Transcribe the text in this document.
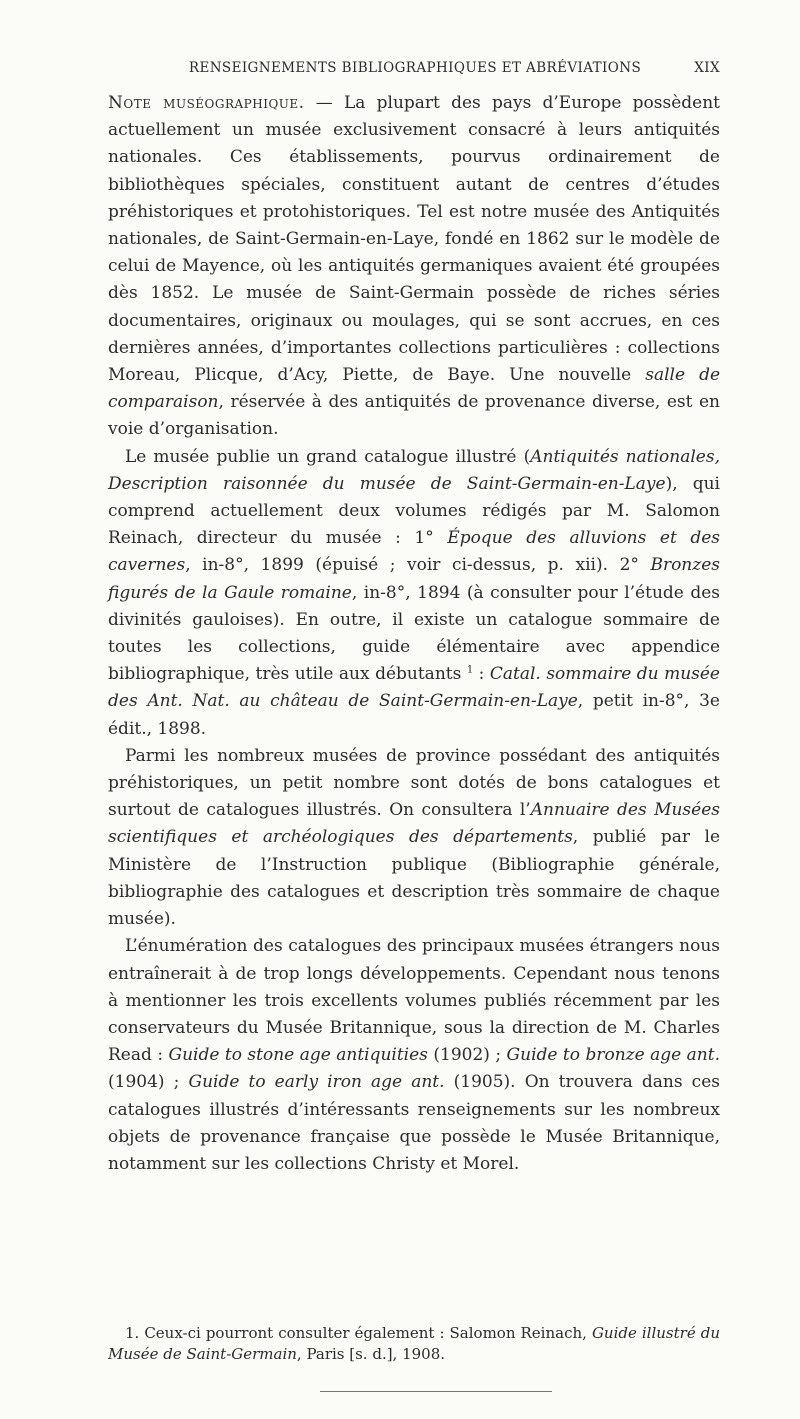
RENSEIGNEMENTS BIBLIOGRAPHIQUES ET ABRÉVIATIONS	XIX

Note muséographique. — La plupart des pays d’Europe possèdent actuellement un musée exclusivement consacré à leurs antiquités nationales. Ces établissements, pourvus ordinairement de bibliothèques spéciales, constituent autant de centres d’études préhistoriques et protohistoriques. Tel est notre musée des Antiquités nationales, de Saint-Germain-en-Laye, fondé en 1862 sur le modèle de celui de Mayence, où les antiquités germaniques avaient été groupées dès 1852. Le musée de Saint-Germain possède de riches séries documentaires, originaux ou moulages, qui se sont accrues, en ces dernières années, d’importantes collections particulières : collections Moreau, Plicque, d’Acy, Piette, de Baye. Une nouvelle salle de comparaison, réservée à des antiquités de provenance diverse, est en voie d’organisation.

Le musée publie un grand catalogue illustré (Antiquités nationales, Description raisonnée du musée de Saint-Germain-en-Laye), qui comprend actuellement deux volumes rédigés par M. Salomon Reinach, directeur du musée : 1° Époque des alluvions et des cavernes, in-8°, 1899 (épuisé ; voir ci-dessus, p. xii). 2° Bronzes figurés de la Gaule romaine, in-8°, 1894 (à consulter pour l’étude des divinités gauloises). En outre, il existe un catalogue sommaire de toutes les collections, guide élémentaire avec appendice bibliographique, très utile aux débutants $^1$ : Catal. sommaire du musée des Ant. Nat. au château de Saint-Germain-en-Laye, petit in-8°, 3e édit., 1898.

Parmi les nombreux musées de province possédant des antiquités préhistoriques, un petit nombre sont dotés de bons catalogues et surtout de catalogues illustrés. On consultera l’Annuaire des Musées scientifiques et archéologiques des départements, publié par le Ministère de l’Instruction publique (Bibliographie générale, bibliographie des catalogues et description très sommaire de chaque musée).

L’énumération des catalogues des principaux musées étrangers nous entraînerait à de trop longs développements. Cependant nous tenons à mentionner les trois excellents volumes publiés récemment par les conservateurs du Musée Britannique, sous la direction de M. Charles Read : Guide to stone age antiquities (1902) ; Guide to bronze age ant. (1904) ; Guide to early iron age ant. (1905). On trouvera dans ces catalogues illustrés d’intéressants renseignements sur les nombreux objets de provenance française que possède le Musée Britannique, notamment sur les collections Christy et Morel.

1. Ceux-ci pourront consulter également : Salomon Reinach, Guide illustré du Musée de Saint-Germain, Paris [s. d.], 1908.
